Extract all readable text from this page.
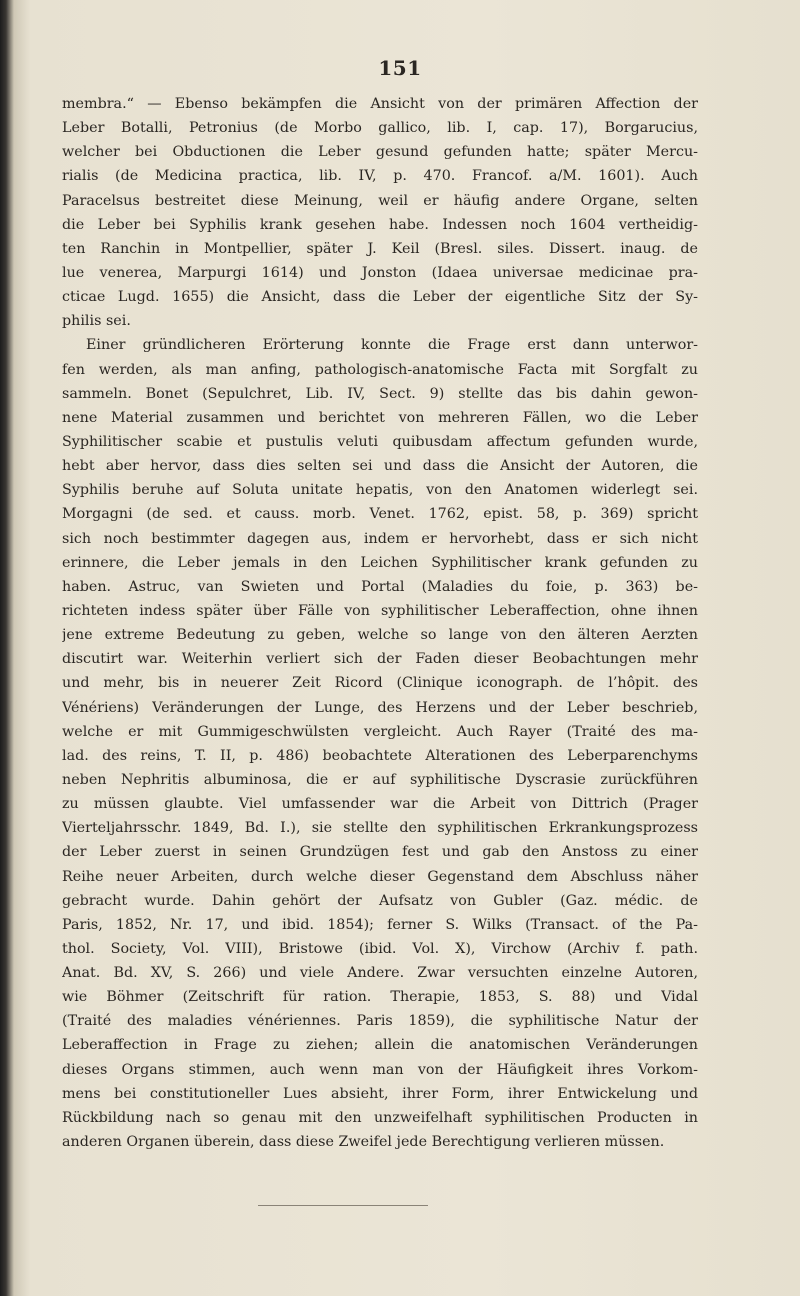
151
membra.“ — Ebenso bekämpfen die Ansicht von der primären Affection der
Leber Botalli, Petronius (de Morbo gallico, lib. I, cap. 17), Borgarucius,
welcher bei Obductionen die Leber gesund gefunden hatte; später Mercu-
rialis (de Medicina practica, lib. IV, p. 470. Francof. a/M. 1601). Auch
Paracelsus bestreitet diese Meinung, weil er häufig andere Organe, selten
die Leber bei Syphilis krank gesehen habe. Indessen noch 1604 vertheidig-
ten Ranchin in Montpellier, später J. Keil (Bresl. siles. Dissert. inaug. de
lue venerea, Marpurgi 1614) und Jonston (Idaea universae medicinae pra-
cticae Lugd. 1655) die Ansicht, dass die Leber der eigentliche Sitz der Sy-
philis sei.
Einer gründlicheren Erörterung konnte die Frage erst dann unterwor-
fen werden, als man anfing, pathologisch-anatomische Facta mit Sorgfalt zu
sammeln. Bonet (Sepulchret, Lib. IV, Sect. 9) stellte das bis dahin gewon-
nene Material zusammen und berichtet von mehreren Fällen, wo die Leber
Syphilitischer scabie et pustulis veluti quibusdam affectum gefunden wurde,
hebt aber hervor, dass dies selten sei und dass die Ansicht der Autoren, die
Syphilis beruhe auf Soluta unitate hepatis, von den Anatomen widerlegt sei.
Morgagni (de sed. et causs. morb. Venet. 1762, epist. 58, p. 369) spricht
sich noch bestimmter dagegen aus, indem er hervorhebt, dass er sich nicht
erinnere, die Leber jemals in den Leichen Syphilitischer krank gefunden zu
haben. Astruc, van Swieten und Portal (Maladies du foie, p. 363) be-
richteten indess später über Fälle von syphilitischer Leberaffection, ohne ihnen
jene extreme Bedeutung zu geben, welche so lange von den älteren Aerzten
discutirt war. Weiterhin verliert sich der Faden dieser Beobachtungen mehr
und mehr, bis in neuerer Zeit Ricord (Clinique iconograph. de l’hôpit. des
Vénériens) Veränderungen der Lunge, des Herzens und der Leber beschrieb,
welche er mit Gummigeschwülsten vergleicht. Auch Rayer (Traité des ma-
lad. des reins, T. II, p. 486) beobachtete Alterationen des Leberparenchyms
neben Nephritis albuminosa, die er auf syphilitische Dyscrasie zurückführen
zu müssen glaubte. Viel umfassender war die Arbeit von Dittrich (Prager
Vierteljahrsschr. 1849, Bd. I.), sie stellte den syphilitischen Erkrankungsprozess
der Leber zuerst in seinen Grundzügen fest und gab den Anstoss zu einer
Reihe neuer Arbeiten, durch welche dieser Gegenstand dem Abschluss näher
gebracht wurde. Dahin gehört der Aufsatz von Gubler (Gaz. médic. de
Paris, 1852, Nr. 17, und ibid. 1854); ferner S. Wilks (Transact. of the Pa-
thol. Society, Vol. VIII), Bristowe (ibid. Vol. X), Virchow (Archiv f. path.
Anat. Bd. XV, S. 266) und viele Andere. Zwar versuchten einzelne Autoren,
wie Böhmer (Zeitschrift für ration. Therapie, 1853, S. 88) und Vidal
(Traité des maladies vénériennes. Paris 1859), die syphilitische Natur der
Leberaffection in Frage zu ziehen; allein die anatomischen Veränderungen
dieses Organs stimmen, auch wenn man von der Häufigkeit ihres Vorkom-
mens bei constitutioneller Lues absieht, ihrer Form, ihrer Entwickelung und
Rückbildung nach so genau mit den unzweifelhaft syphilitischen Producten in
anderen Organen überein, dass diese Zweifel jede Berechtigung verlieren müssen.
